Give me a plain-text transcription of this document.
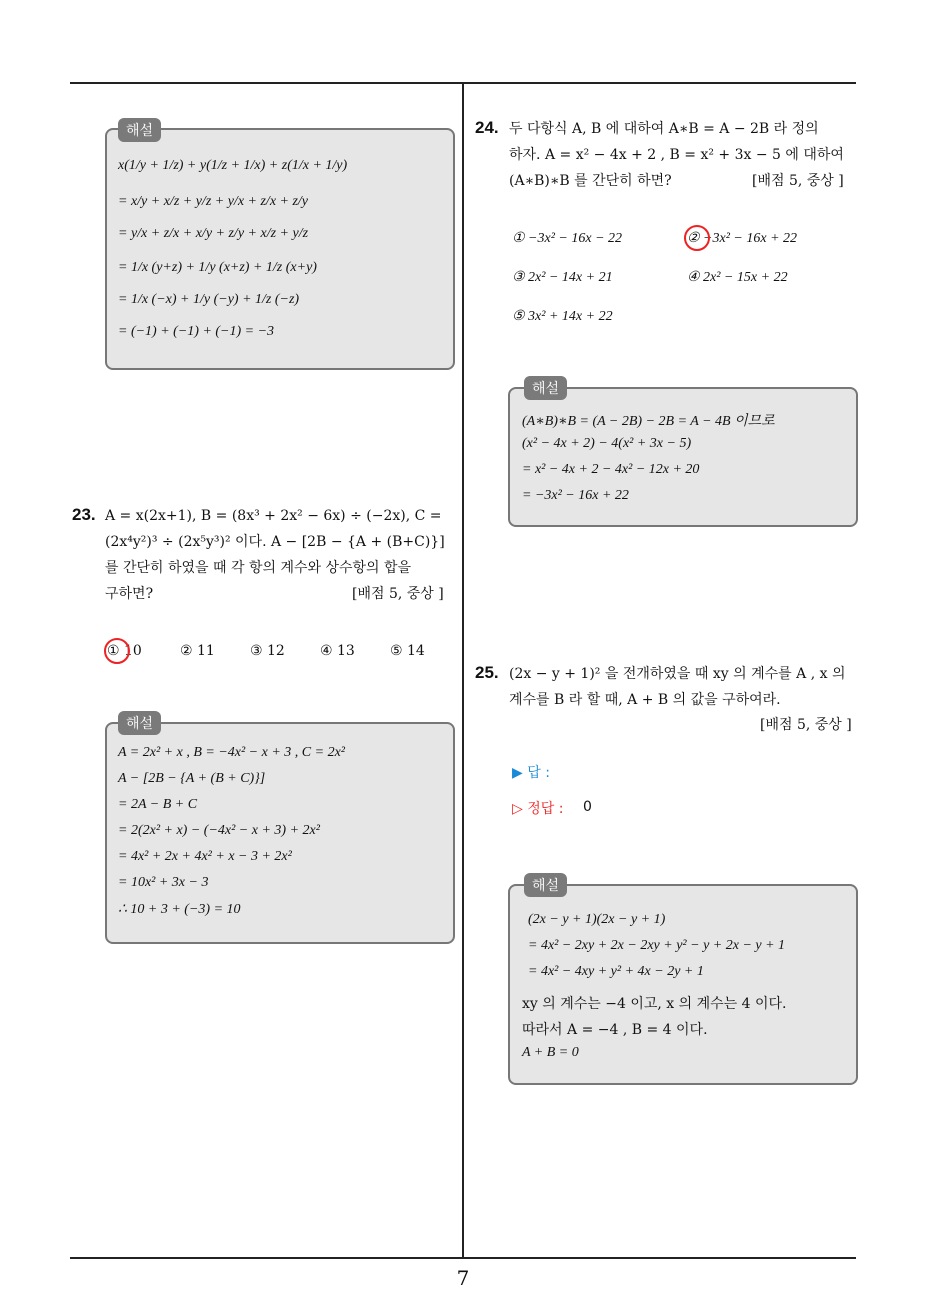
해설
x(1/y + 1/z) + y(1/z + 1/x) + z(1/x + 1/y)
= x/y + x/z + y/z + y/x + z/x + z/y
= y/x + z/x + x/y + z/y + x/z + y/z
= 1/x (y+z) + 1/y (x+z) + 1/z (x+y)
= 1/x (−x) + 1/y (−y) + 1/z (−z)
= (−1) + (−1) + (−1) = −3
23. A = x(2x+1), B = (8x³ + 2x² − 6x) ÷ (−2x), C =
(2x⁴y²)³ ÷ (2x⁵y³)² 이다. A − [2B − {A + (B+C)}]
를 간단히 하였을 때 각 항의 계수와 상수항의 합을
구하면?	[배점 5, 중상 ]
① 10	② 11	③ 12	④ 13	⑤ 14
해설
A = 2x² + x , B = −4x² − x + 3 , C = 2x²
A − [2B − {A + (B + C)}]
= 2A − B + C
= 2(2x² + x) − (−4x² − x + 3) + 2x²
= 4x² + 2x + 4x² + x − 3 + 2x²
= 10x² + 3x − 3
∴ 10 + 3 + (−3) = 10
24. 두 다항식 A, B 에 대하여 A∗B = A − 2B 라 정의
하자. A = x² − 4x + 2 , B = x² + 3x − 5 에 대하여
(A∗B)∗B 를 간단히 하면?	[배점 5, 중상 ]
① −3x² − 16x − 22	② −3x² − 16x + 22
③ 2x² − 14x + 21	④ 2x² − 15x + 22
⑤ 3x² + 14x + 22
해설
(A∗B)∗B = (A − 2B) − 2B = A − 4B 이므로
(x² − 4x + 2) − 4(x² + 3x − 5)
= x² − 4x + 2 − 4x² − 12x + 20
= −3x² − 16x + 22
25. (2x − y + 1)² 을 전개하였을 때 xy 의 계수를 A , x 의
계수를 B 라 할 때, A + B 의 값을 구하여라.
[배점 5, 중상 ]
▶ 답 :
▷ 정답 : 0
해설
(2x − y + 1)(2x − y + 1)
= 4x² − 2xy + 2x − 2xy + y² − y + 2x − y + 1
= 4x² − 4xy + y² + 4x − 2y + 1
xy 의 계수는 −4 이고, x 의 계수는 4 이다.
따라서 A = −4 , B = 4 이다.
A + B = 0
7
